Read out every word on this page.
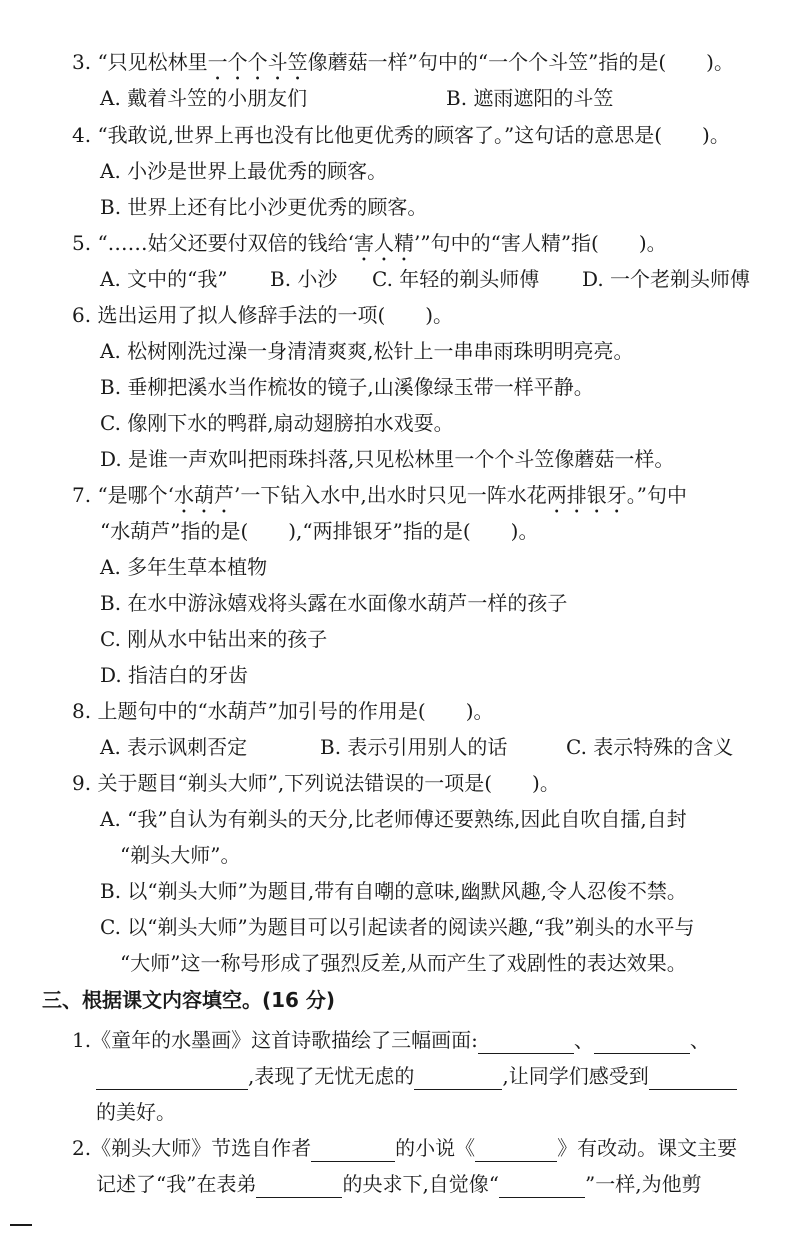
3. “只见松林里一个个斗笠像蘑菇一样”句中的“一个个斗笠”指的是(　　)。
A. 戴着斗笠的小朋友们	B. 遮雨遮阳的斗笠
4. “我敢说,世界上再也没有比他更优秀的顾客了。”这句话的意思是(　　)。
A. 小沙是世界上最优秀的顾客。
B. 世界上还有比小沙更优秀的顾客。
5. “……姑父还要付双倍的钱给‘害人精’”句中的“害人精”指(　　)。
A. 文中的“我” B. 小沙 C. 年轻的剃头师傅 D. 一个老剃头师傅
6. 选出运用了拟人修辞手法的一项(　　)。
A. 松树刚洗过澡一身清清爽爽,松针上一串串雨珠明明亮亮。
B. 垂柳把溪水当作梳妆的镜子,山溪像绿玉带一样平静。
C. 像刚下水的鸭群,扇动翅膀拍水戏耍。
D. 是谁一声欢叫把雨珠抖落,只见松林里一个个斗笠像蘑菇一样。
7. “是哪个‘水葫芦’一下钻入水中,出水时只见一阵水花两排银牙。”句中
“水葫芦”指的是(　　),“两排银牙”指的是(　　)。
A. 多年生草本植物
B. 在水中游泳嬉戏将头露在水面像水葫芦一样的孩子
C. 刚从水中钻出来的孩子
D. 指洁白的牙齿
8. 上题句中的“水葫芦”加引号的作用是(　　)。
A. 表示讽刺否定	B. 表示引用别人的话	C. 表示特殊的含义
9. 关于题目“剃头大师”,下列说法错误的一项是(　　)。
A. “我”自认为有剃头的天分,比老师傅还要熟练,因此自吹自擂,自封
“剃头大师”。
B. 以“剃头大师”为题目,带有自嘲的意味,幽默风趣,令人忍俊不禁。
C. 以“剃头大师”为题目可以引起读者的阅读兴趣,“我”剃头的水平与
“大师”这一称号形成了强烈反差,从而产生了戏剧性的表达效果。
三、根据课文内容填空。(16 分)
1.《童年的水墨画》这首诗歌描绘了三幅画面:	、	、
,表现了无忧无虑的	,让同学们感受到
的美好。
2.《剃头大师》节选自作者	的小说《	》有改动。课文主要
记述了“我”在表弟	的央求下,自觉像“	”一样,为他剪
